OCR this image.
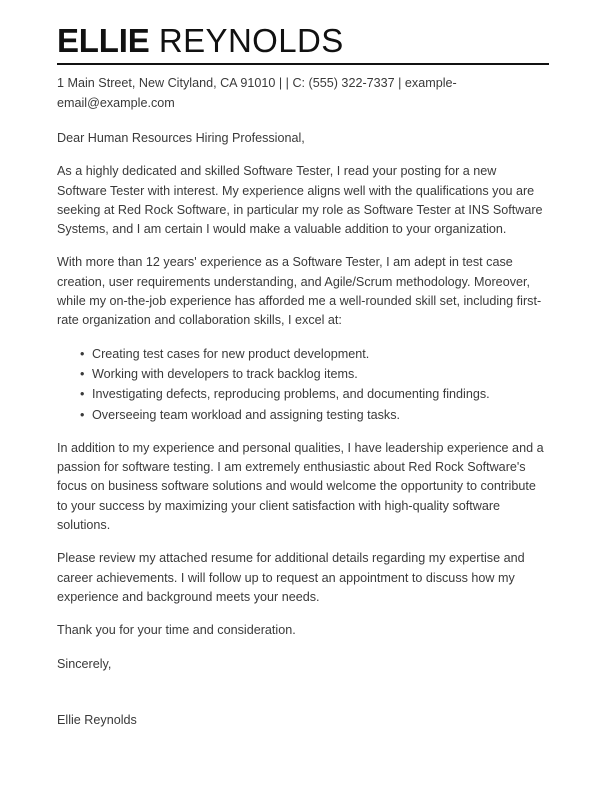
ELLIE REYNOLDS
1 Main Street, New Cityland, CA 91010 | | C: (555) 322-7337 | example-email@example.com

Dear Human Resources Hiring Professional,

As a highly dedicated and skilled Software Tester, I read your posting for a new Software Tester with interest. My experience aligns well with the qualifications you are seeking at Red Rock Software, in particular my role as Software Tester at INS Software Systems, and I am certain I would make a valuable addition to your organization.

With more than 12 years' experience as a Software Tester, I am adept in test case creation, user requirements understanding, and Agile/Scrum methodology. Moreover, while my on-the-job experience has afforded me a well-rounded skill set, including first-rate organization and collaboration skills, I excel at:

• Creating test cases for new product development.
• Working with developers to track backlog items.
• Investigating defects, reproducing problems, and documenting findings.
• Overseeing team workload and assigning testing tasks.

In addition to my experience and personal qualities, I have leadership experience and a passion for software testing. I am extremely enthusiastic about Red Rock Software's focus on business software solutions and would welcome the opportunity to contribute to your success by maximizing your client satisfaction with high-quality software solutions.

Please review my attached resume for additional details regarding my expertise and career achievements. I will follow up to request an appointment to discuss how my experience and background meets your needs.

Thank you for your time and consideration.

Sincerely,

Ellie Reynolds
